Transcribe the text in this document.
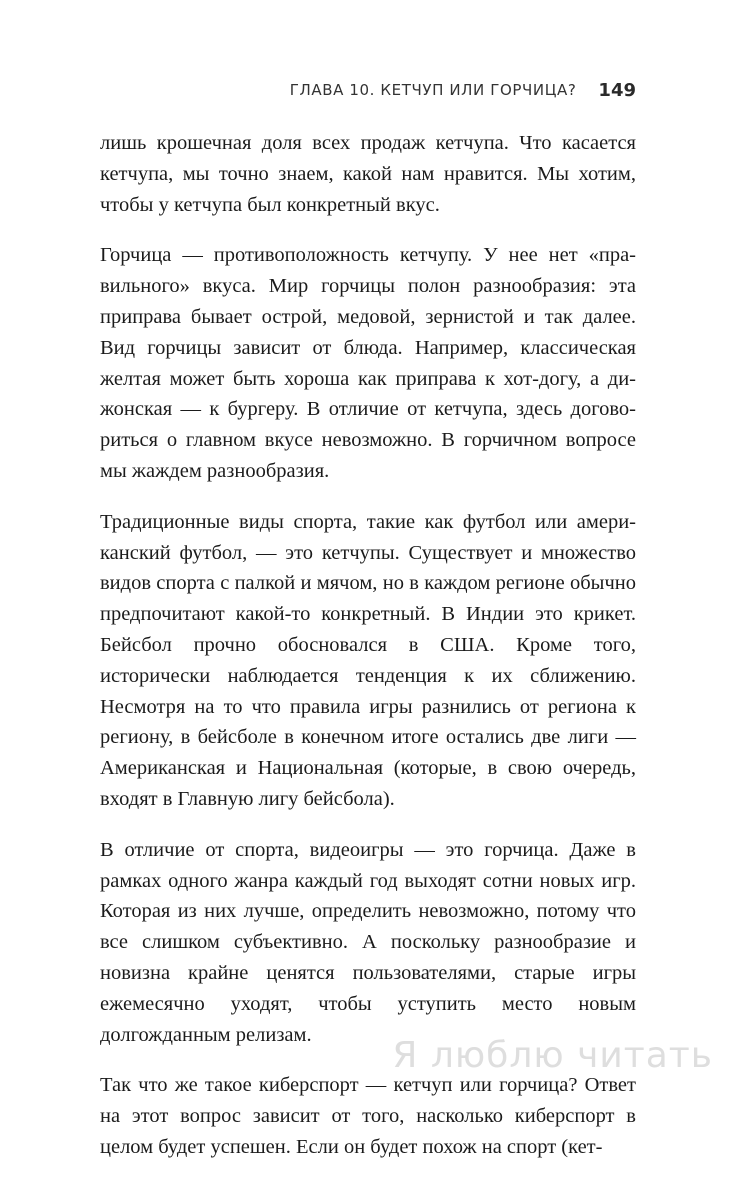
ГЛАВА 10. КЕТЧУП ИЛИ ГОРЧИЦА? 149

лишь крошечная доля всех продаж кетчупа. Что касается кетчупа, мы точно знаем, какой нам нравится. Мы хотим, чтобы у кетчупа был конкретный вкус.

Горчица — противоположность кетчупу. У нее нет «правильного» вкуса. Мир горчицы полон разнообразия: эта приправа бывает острой, медовой, зернистой и так далее. Вид горчицы зависит от блюда. Например, классическая желтая может быть хороша как приправа к хот-догу, а дижонская — к бургеру. В отличие от кетчупа, здесь договориться о главном вкусе невозможно. В горчичном вопросе мы жаждем разнообразия.

Традиционные виды спорта, такие как футбол или американский футбол, — это кетчупы. Существует и множество видов спорта с палкой и мячом, но в каждом регионе обычно предпочитают какой-то конкретный. В Индии это крикет. Бейсбол прочно обосновался в США. Кроме того, исторически наблюдается тенденция к их сближению. Несмотря на то что правила игры разнились от региона к региону, в бейсболе в конечном итоге остались две лиги — Американская и Национальная (которые, в свою очередь, входят в Главную лигу бейсбола).

В отличие от спорта, видеоигры — это горчица. Даже в рамках одного жанра каждый год выходят сотни новых игр. Которая из них лучше, определить невозможно, потому что все слишком субъективно. А поскольку разнообразие и новизна крайне ценятся пользователями, старые игры ежемесячно уходят, чтобы уступить место новым долгожданным релизам.

Так что же такое киберспорт — кетчуп или горчица? Ответ на этот вопрос зависит от того, насколько киберспорт в целом будет успешен. Если он будет похож на спорт (кет-

Я люблю читать
